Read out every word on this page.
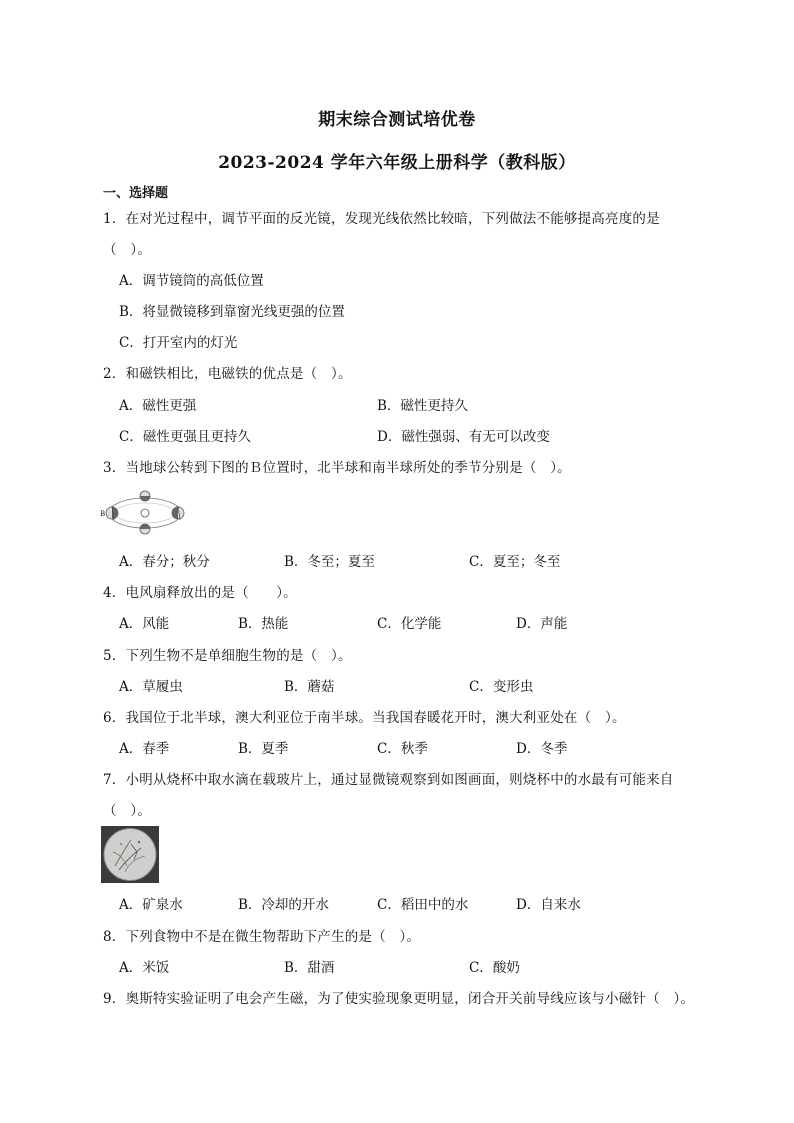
期末综合测试培优卷
2023-2024 学年六年级上册科学（教科版）
一、选择题
1．在对光过程中，调节平面的反光镜，发现光线依然比较暗，下列做法不能够提高亮度的是
（　）。
A．调节镜筒的高低位置
B．将显微镜移到靠窗光线更强的位置
C．打开室内的灯光
2．和磁铁相比，电磁铁的优点是（　）。
A．磁性更强	B．磁性更持久
C．磁性更强且更持久	D．磁性强弱、有无可以改变
3．当地球公转到下图的Ｂ位置时，北半球和南半球所处的季节分别是（　）。
B
A．春分；秋分	B．冬至；夏至	C．夏至；冬至
4．电风扇释放出的是（　　）。
A．风能	B．热能	C．化学能	D．声能
5．下列生物不是单细胞生物的是（　）。
A．草履虫	B．蘑菇	C．变形虫
6．我国位于北半球，澳大利亚位于南半球。当我国春暖花开时，澳大利亚处在（　）。
A．春季	B．夏季	C．秋季	D．冬季
7．小明从烧杯中取水滴在载玻片上，通过显微镜观察到如图画面，则烧杯中的水最有可能来自
（　）。
A．矿泉水	B．冷却的开水	C．稻田中的水	D．自来水
8．下列食物中不是在微生物帮助下产生的是（　）。
A．米饭	B．甜酒	C．酸奶
9．奥斯特实验证明了电会产生磁，为了使实验现象更明显，闭合开关前导线应该与小磁针（　）。
